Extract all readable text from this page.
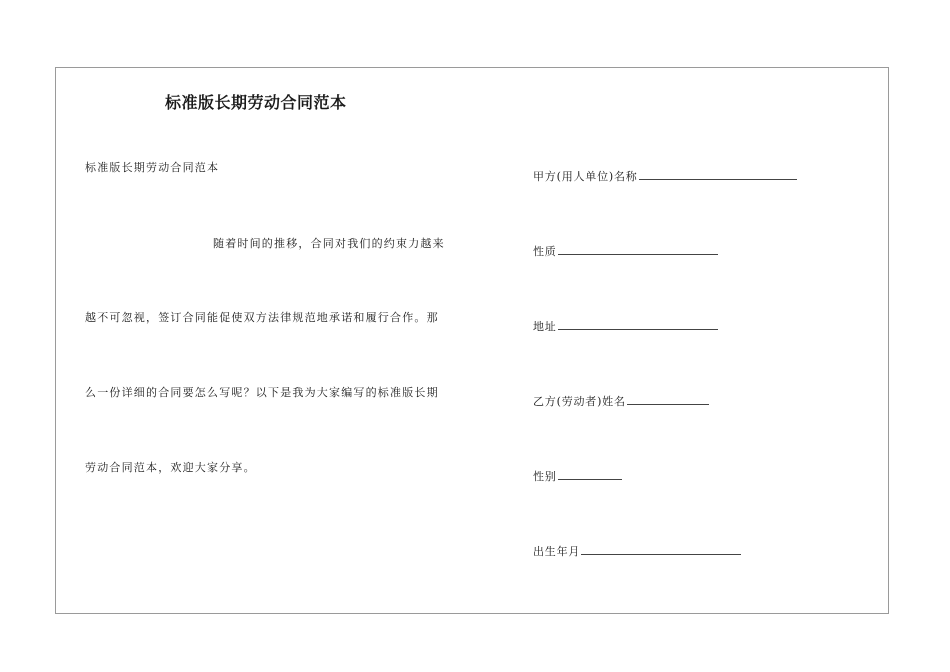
标准版长期劳动合同范本
标准版长期劳动合同范本
随着时间的推移，合同对我们的约束力越来
越不可忽视，签订合同能促使双方法律规范地承诺和履行合作。那
么一份详细的合同要怎么写呢？以下是我为大家编写的标准版长期
劳动合同范本，欢迎大家分享。
甲方(用人单位)名称
性质
地址
乙方(劳动者)姓名
性别
出生年月
